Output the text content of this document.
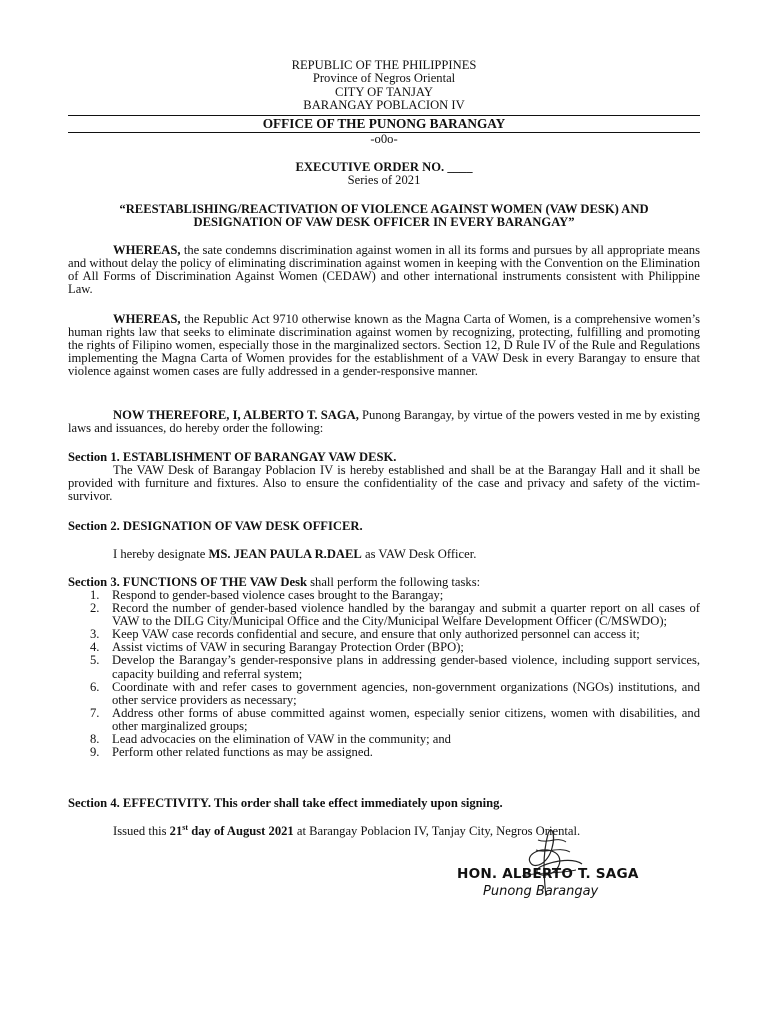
REPUBLIC OF THE PHILIPPINES
Province of Negros Oriental
CITY OF TANJAY
BARANGAY POBLACION IV
OFFICE OF THE PUNONG BARANGAY
-o0o-
EXECUTIVE ORDER NO. ____
Series of 2021
“REESTABLISHING/REACTIVATION OF VIOLENCE AGAINST WOMEN (VAW DESK) AND
DESIGNATION OF VAW DESK OFFICER IN EVERY BARANGAY”
WHEREAS, the sate condemns discrimination against women in all its forms and pursues by all appropriate means and without delay the policy of eliminating discrimination against women in keeping with the Convention on the Elimination of All Forms of Discrimination Against Women (CEDAW) and other international instruments consistent with Philippine Law.
WHEREAS, the Republic Act 9710 otherwise known as the Magna Carta of Women, is a comprehensive women’s human rights law that seeks to eliminate discrimination against women by recognizing, protecting, fulfilling and promoting the rights of Filipino women, especially those in the marginalized sectors. Section 12, D Rule IV of the Rule and Regulations implementing the Magna Carta of Women provides for the establishment of a VAW Desk in every Barangay to ensure that violence against women cases are fully addressed in a gender-responsive manner.
NOW THEREFORE, I, ALBERTO T. SAGA, Punong Barangay, by virtue of the powers vested in me by existing laws and issuances, do hereby order the following:
Section 1. ESTABLISHMENT OF BARANGAY VAW DESK.
The VAW Desk of Barangay Poblacion IV is hereby established and shall be at the Barangay Hall and it shall be provided with furniture and fixtures. Also to ensure the confidentiality of the case and privacy and safety of the victim-survivor.
Section 2. DESIGNATION OF VAW DESK OFFICER.
I hereby designate MS. JEAN PAULA R.DAEL as VAW Desk Officer.
Section 3. FUNCTIONS OF THE VAW Desk shall perform the following tasks:
1. Respond to gender-based violence cases brought to the Barangay;
2. Record the number of gender-based violence handled by the barangay and submit a quarter report on all cases of VAW to the DILG City/Municipal Office and the City/Municipal Welfare Development Officer (C/MSWDO);
3. Keep VAW case records confidential and secure, and ensure that only authorized personnel can access it;
4. Assist victims of VAW in securing Barangay Protection Order (BPO);
5. Develop the Barangay’s gender-responsive plans in addressing gender-based violence, including support services, capacity building and referral system;
6. Coordinate with and refer cases to government agencies, non-government organizations (NGOs) institutions, and other service providers as necessary;
7. Address other forms of abuse committed against women, especially senior citizens, women with disabilities, and other marginalized groups;
8. Lead advocacies on the elimination of VAW in the community; and
9. Perform other related functions as may be assigned.
Section 4. EFFECTIVITY. This order shall take effect immediately upon signing.
Issued this 21st day of August 2021 at Barangay Poblacion IV, Tanjay City, Negros Oriental.
HON. ALBERTO T. SAGA
Punong Barangay
